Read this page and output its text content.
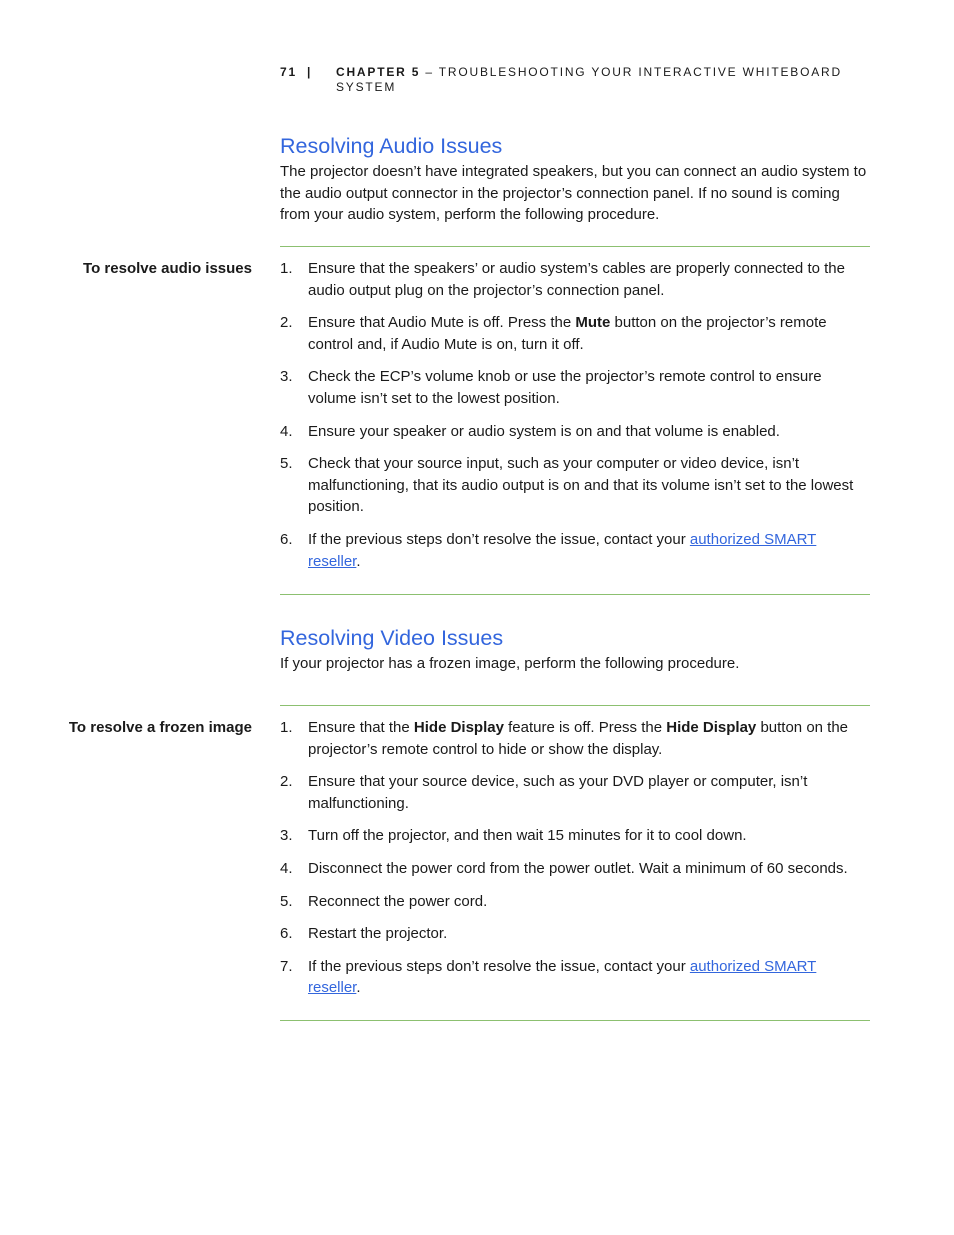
71 | CHAPTER 5 – TROUBLESHOOTING YOUR INTERACTIVE WHITEBOARD SYSTEM
Resolving Audio Issues

The projector doesn’t have integrated speakers, but you can connect an audio system to the audio output connector in the projector’s connection panel. If no sound is coming from your audio system, perform the following procedure.

To resolve audio issues 1. Ensure that the speakers’ or audio system’s cables are properly connected to the audio output plug on the projector’s connection panel.
2. Ensure that Audio Mute is off. Press the Mute button on the projector’s remote control and, if Audio Mute is on, turn it off.
3. Check the ECP’s volume knob or use the projector’s remote control to ensure volume isn’t set to the lowest position.
4. Ensure your speaker or audio system is on and that volume is enabled.
5. Check that your source input, such as your computer or video device, isn’t malfunctioning, that its audio output is on and that its volume isn’t set to the lowest position.
6. If the previous steps don’t resolve the issue, contact your authorized SMART reseller.
Resolving Video Issues

If your projector has a frozen image, perform the following procedure.

To resolve a frozen image 1. Ensure that the Hide Display feature is off. Press the Hide Display button on the projector’s remote control to hide or show the display.
2. Ensure that your source device, such as your DVD player or computer, isn’t malfunctioning.
3. Turn off the projector, and then wait 15 minutes for it to cool down.
4. Disconnect the power cord from the power outlet. Wait a minimum of 60 seconds.
5. Reconnect the power cord.
6. Restart the projector.
7. If the previous steps don’t resolve the issue, contact your authorized SMART reseller.
